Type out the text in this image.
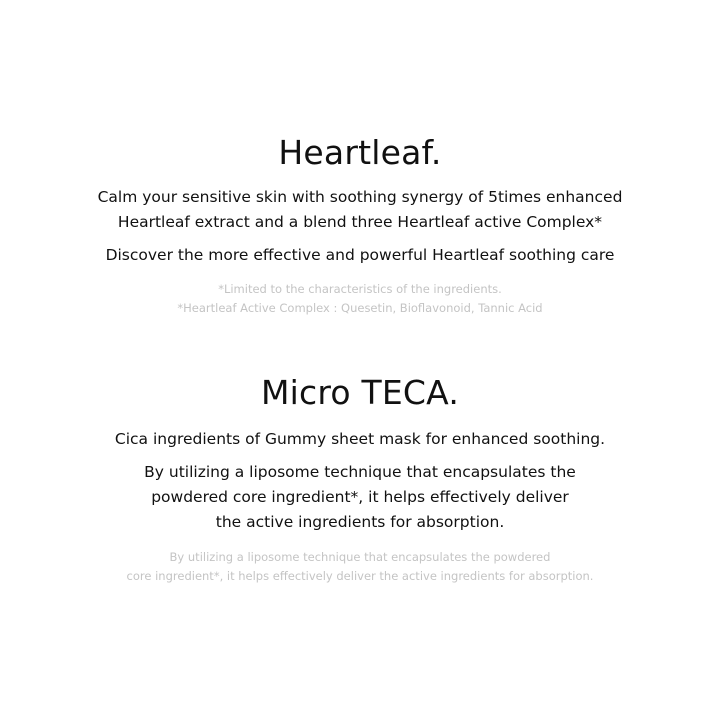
Heartleaf.

Calm your sensitive skin with soothing synergy of 5times enhanced

Heartleaf extract and a blend three Heartleaf active Complex*

Discover the more effective and powerful Heartleaf soothing care

*Limited to the characteristics of the ingredients.

*Heartleaf Active Complex : Quesetin, Bioflavonoid, Tannic Acid

Micro TECA.

Cica ingredients of Gummy sheet mask for enhanced soothing.

By utilizing a liposome technique that encapsulates the

powdered core ingredient*, it helps effectively deliver

the active ingredients for absorption.

By utilizing a liposome technique that encapsulates the powdered

core ingredient*, it helps effectively deliver the active ingredients for absorption.
